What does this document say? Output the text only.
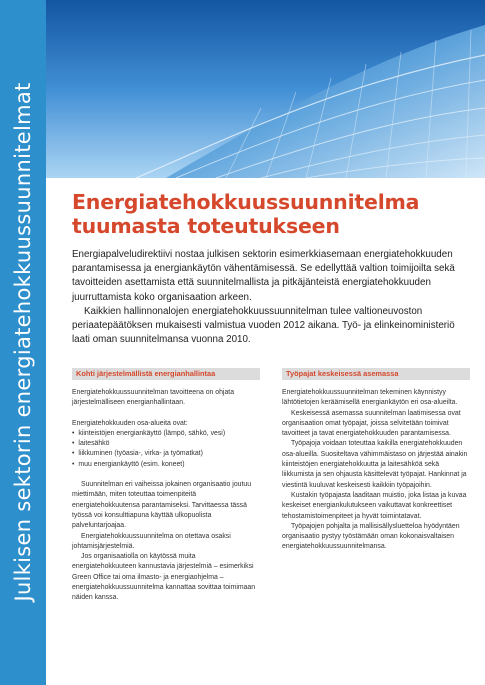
Julkisen sektorin energiatehokkuussuunnitelmat Energiatehokkuussuunnitelma
tuumasta toteutukseen

Energiapalveludirektiivi nostaa julkisen sektorin esimerkkiasemaan energiatehokkuuden parantamisessa ja energiankäytön vähentämisessä. Se edellyttää valtion toimijoilta sekä tavoitteiden asettamista että suunnitelmallista ja pitkäjänteistä energiatehokkuuden juurruttamista koko organisaation arkeen.

Kaikkien hallinnonalojen energiatehokkuussuunnitelman tulee valtioneuvoston periaatepäätöksen mukaisesti valmistua vuoden 2012 aikana. Työ- ja elinkeinoministeriö laati oman suunnitelmansa vuonna 2010.

Kohti järjestelmällistä energianhallintaa

Energiatehokkuussuunnitelman tavoitteena on ohjata järjestelmälliseen energianhallintaan.

Energiatehokkuuden osa-alueita ovat:

• kiinteistöjen energiankäyttö (lämpö, sähkö, vesi)
• laitesähkö
• liikkuminen (työasia-, virka- ja työmatkat)
• muu energiankäyttö (esim. koneet)

Suunnitelman eri vaiheissa jokainen organisaatio joutuu miettimään, miten toteuttaa toimenpiteitä energiatehokkuutensa parantamiseksi. Tarvittaessa tässä työssä voi konsulttiapuna käyttää ulkopuolista palveluntarjoajaa.

Energiatehokkuussuunnitelma on otettava osaksi johtamisjärjestelmiä.

Jos organisaatiolla on käytössä muita energiatehokkuuteen kannustavia järjestelmiä – esimerkiksi Green Office tai oma ilmasto- ja energiaohjelma – energiatehokkuussuunnitelma kannattaa sovittaa toimimaan näiden kanssa.

Työpajat keskeisessä asemassa

Energiatehokkuussuunnitelman tekeminen käynnistyy lähtötietojen keräämisellä energiankäytön eri osa-alueilta.

Keskeisessä asemassa suunnitelman laatimisessa ovat organisaation omat työpajat, joissa selvitetään toimivat tavoitteet ja tavat energiatehokkuuden parantamisessa.

Työpajoja voidaan toteuttaa kaikilla energiatehokkuuden osa-alueilla. Suositeltava vähimmäistaso on järjestää ainakin kiinteistöjen energiatehokkuutta ja laitesähköä sekä liikkumista ja sen ohjausta käsittelevät työpajat. Hankinnat ja viestintä kuuluvat keskeisesti kaikkiin työpajoihin.

Kustakin työpajasta laaditaan muistio, joka listaa ja kuvaa keskeiset energiankulutukseen vaikuttavat konkreettiset tehostamistoimenpiteet ja hyvät toimintatavat.

Työpajojen pohjalta ja mallisisällysluetteloa hyödyntäen organisaatio pystyy työstämään oman kokonaisvaltaisen energiatehokkuussuunnitelmansa.
